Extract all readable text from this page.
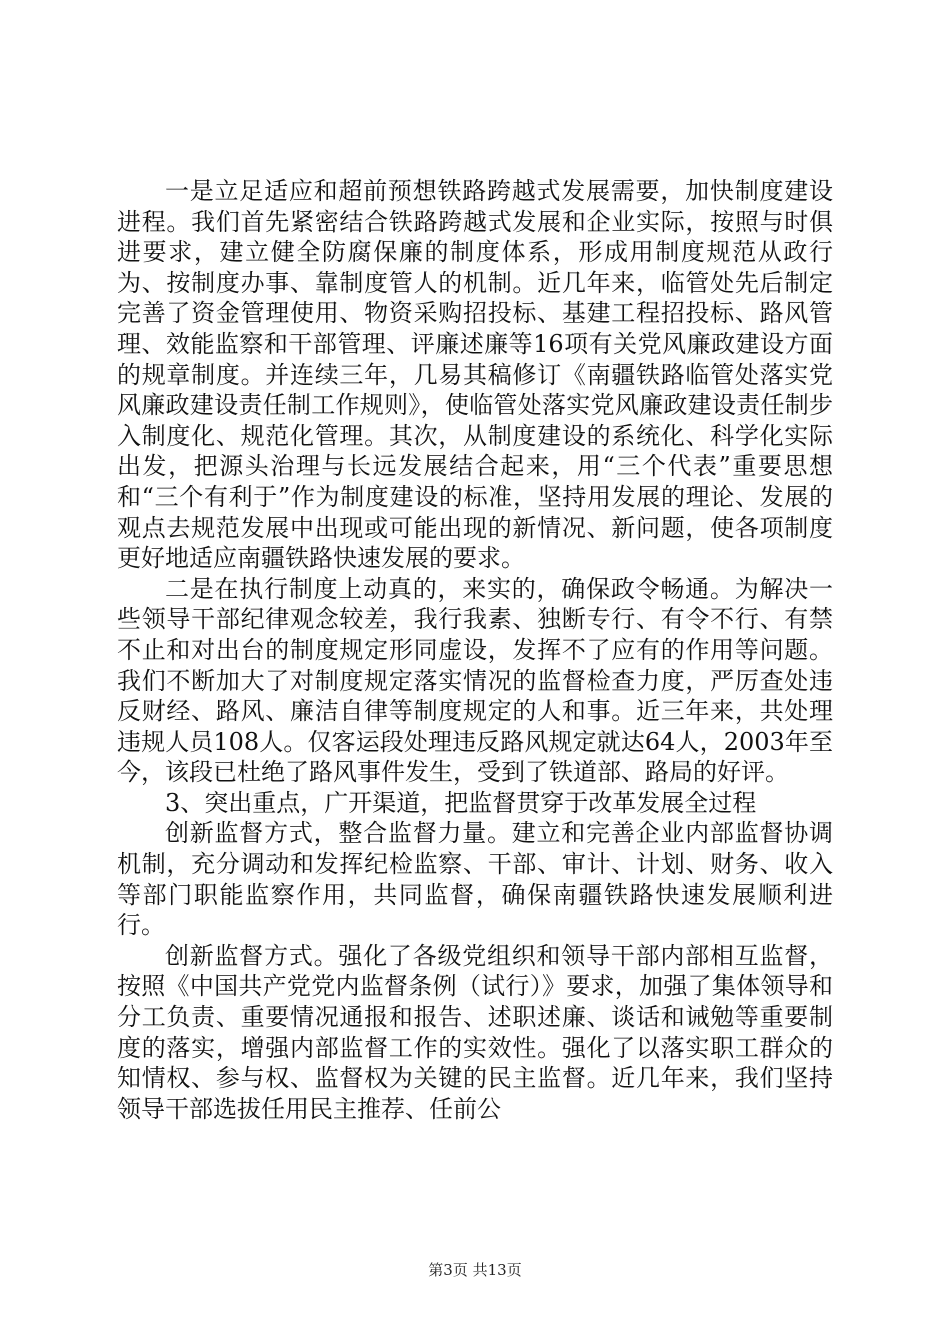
一是立足适应和超前预想铁路跨越式发展需要，加快制度建设进程。我们首先紧密结合铁路跨越式发展和企业实际，按照与时俱进要求，建立健全防腐保廉的制度体系，形成用制度规范从政行为、按制度办事、靠制度管人的机制。近几年来，临管处先后制定完善了资金管理使用、物资采购招投标、基建工程招投标、路风管理、效能监察和干部管理、评廉述廉等16项有关党风廉政建设方面的规章制度。并连续三年，几易其稿修订《南疆铁路临管处落实党风廉政建设责任制工作规则》，使临管处落实党风廉政建设责任制步入制度化、规范化管理。其次，从制度建设的系统化、科学化实际出发，把源头治理与长远发展结合起来，用“三个代表”重要思想和“三个有利于”作为制度建设的标准，坚持用发展的理论、发展的观点去规范发展中出现或可能出现的新情况、新问题，使各项制度更好地适应南疆铁路快速发展的要求。

二是在执行制度上动真的，来实的，确保政令畅通。为解决一些领导干部纪律观念较差，我行我素、独断专行、有令不行、有禁不止和对出台的制度规定形同虚设，发挥不了应有的作用等问题。我们不断加大了对制度规定落实情况的监督检查力度，严厉查处违反财经、路风、廉洁自律等制度规定的人和事。近三年来，共处理违规人员108人。仅客运段处理违反路风规定就达64人，2003年至今，该段已杜绝了路风事件发生，受到了铁道部、路局的好评。

3、突出重点，广开渠道，把监督贯穿于改革发展全过程

创新监督方式，整合监督力量。建立和完善企业内部监督协调机制，充分调动和发挥纪检监察、干部、审计、计划、财务、收入等部门职能监察作用，共同监督，确保南疆铁路快速发展顺利进行。

创新监督方式。强化了各级党组织和领导干部内部相互监督，按照《中国共产党党内监督条例（试行）》要求，加强了集体领导和分工负责、重要情况通报和报告、述职述廉、谈话和诫勉等重要制度的落实，增强内部监督工作的实效性。强化了以落实职工群众的知情权、参与权、监督权为关键的民主监督。近几年来，我们坚持领导干部选拔任用民主推荐、任前公

第3页 共13页
